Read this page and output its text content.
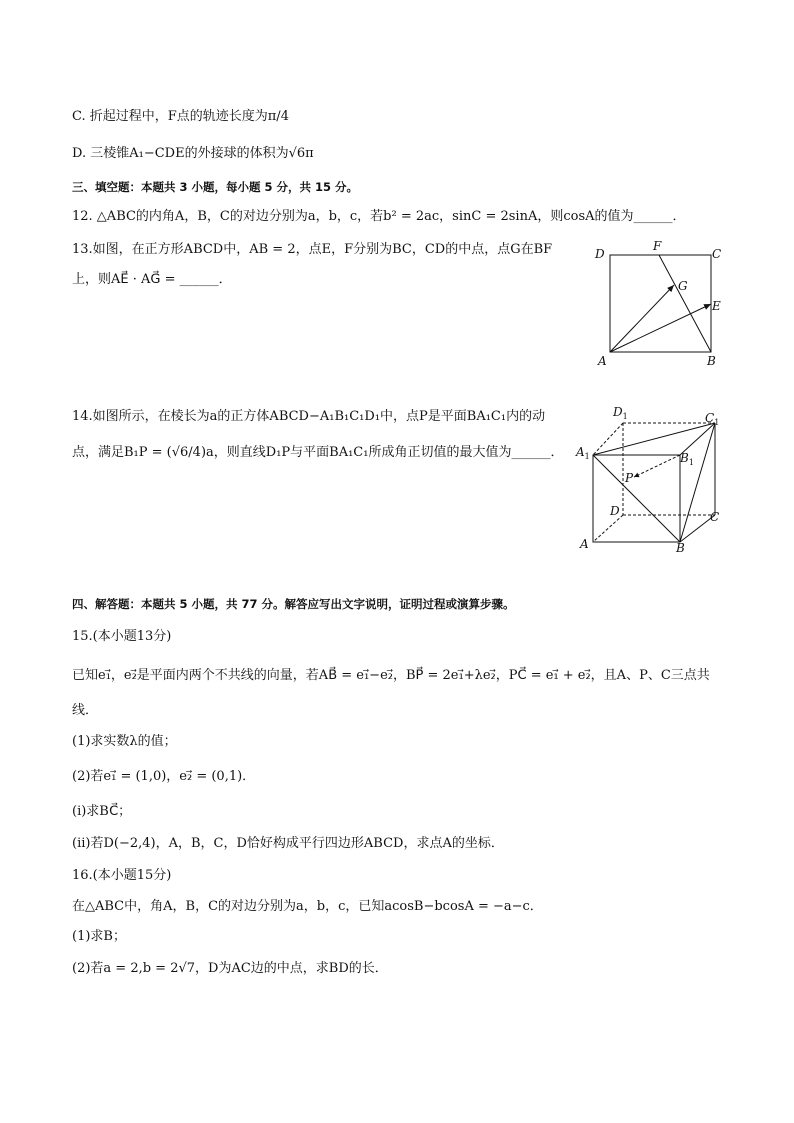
C. 折起过程中，F点的轨迹长度为π/4
D. 三棱锥A₁−CDE的外接球的体积为√6π
三、填空题：本题共 3 小题，每小题 5 分，共 15 分。
12. △ABC的内角A，B，C的对边分别为a，b，c，若b² = 2ac，sinC = 2sinA，则cosA的值为______．
13.如图，在正方形ABCD中，AB = 2，点E，F分别为BC，CD的中点，点G在BF
上，则AE⃗ · AG⃗ = ______．
D
F
C
G
E
A	B
14.如图所示，在棱长为a的正方体ABCD−A₁B₁C₁D₁中，点P是平面BA₁C₁内的动
点，满足B₁P = (√6/4)a，则直线D₁P与平面BA₁C₁所成角正切值的最大值为______．
$D_1$	$C_1$
$A_1$	$B_1$
P
D	C
A	B
四、解答题：本题共 5 小题，共 77 分。解答应写出文字说明，证明过程或演算步骤。
15.(本小题13分)
已知e₁⃗，e₂⃗是平面内两个不共线的向量，若AB⃗ = e₁⃗−e₂⃗，BP⃗ = 2e₁⃗+λe₂⃗，PC⃗ = e₁⃗ + e₂⃗，且A、P、C三点共
线．
(1)求实数λ的值；
(2)若e₁⃗ = (1,0)，e₂⃗ = (0,1)．
(ⅰ)求BC⃗；
(ⅱ)若D(−2,4)，A，B，C，D恰好构成平行四边形ABCD，求点A的坐标．
16.(本小题15分)
在△ABC中，角A，B，C的对边分别为a，b，c，已知acosB−bcosA = −a−c．
(1)求B；
(2)若a = 2,b = 2√7，D为AC边的中点，求BD的长．
